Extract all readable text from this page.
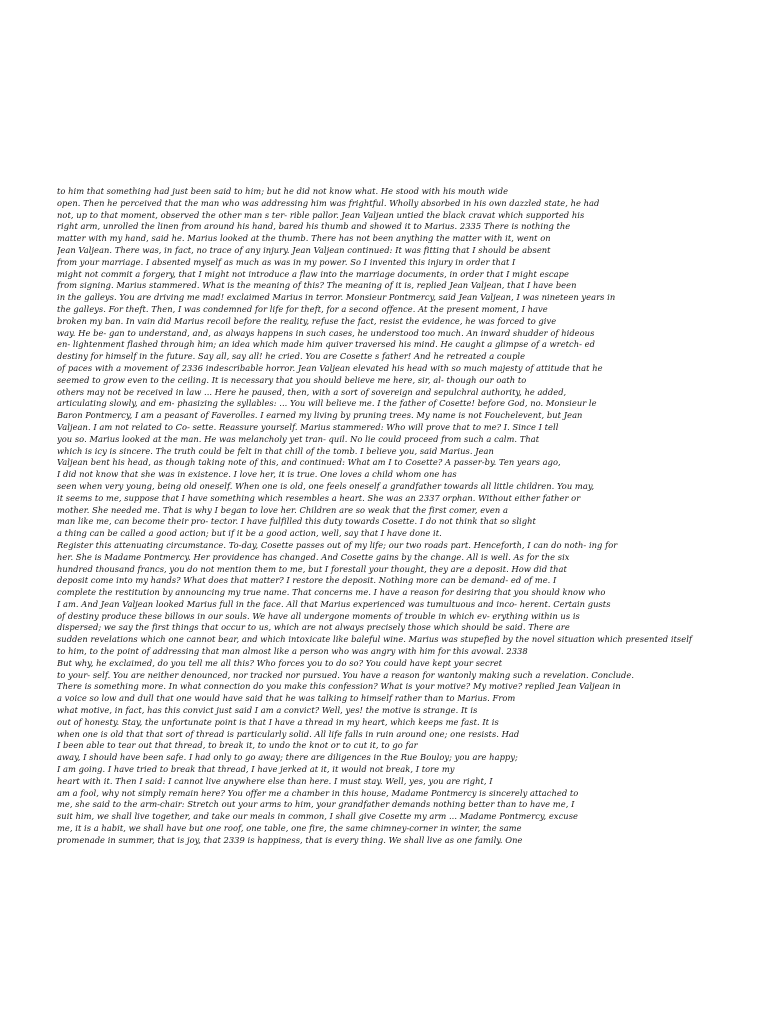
to him that something had just been said to him; but he did not know what. He stood with his mouth wide
open. Then he perceived that the man who was addressing him was frightful. Wholly absorbed in his own dazzled state, he had
not, up to that moment, observed the other man s ter- rible pallor. Jean Valjean untied the black cravat which supported his
right arm, unrolled the linen from around his hand, bared his thumb and showed it to Marius. 2335 There is nothing the
matter with my hand, said he. Marius looked at the thumb. There has not been anything the matter with it, went on
Jean Valjean. There was, in fact, no trace of any injury. Jean Valjean continued: It was fitting that I should be absent
from your marriage. I absented myself as much as was in my power. So I invented this injury in order that I
might not commit a forgery, that I might not introduce a flaw into the marriage documents, in order that I might escape
from signing. Marius stammered. What is the meaning of this? The meaning of it is, replied Jean Valjean, that I have been
in the galleys. You are driving me mad! exclaimed Marius in terror. Monsieur Pontmercy, said Jean Valjean, I was nineteen years in
the galleys. For theft. Then, I was condemned for life for theft, for a second offence. At the present moment, I have
broken my ban. In vain did Marius recoil before the reality, refuse the fact, resist the evidence, he was forced to give
way. He be- gan to understand, and, as always happens in such cases, he understood too much. An inward shudder of hideous
en- lightenment flashed through him; an idea which made him quiver traversed his mind. He caught a glimpse of a wretch- ed
destiny for himself in the future. Say all, say all! he cried. You are Cosette s father! And he retreated a couple
of paces with a movement of 2336 indescribable horror. Jean Valjean elevated his head with so much majesty of attitude that he
seemed to grow even to the ceiling. It is necessary that you should believe me here, sir, al- though our oath to
others may not be received in law ... Here he paused, then, with a sort of sovereign and sepulchral authority, he added,
articulating slowly, and em- phasizing the syllables: ... You will believe me. I the father of Cosette! before God, no. Monsieur le
Baron Pontmercy, I am a peasant of Faverolles. I earned my living by pruning trees. My name is not Fouchelevent, but Jean
Valjean. I am not related to Co- sette. Reassure yourself. Marius stammered: Who will prove that to me? I. Since I tell
you so. Marius looked at the man. He was melancholy yet tran- quil. No lie could proceed from such a calm. That
which is icy is sincere. The truth could be felt in that chill of the tomb. I believe you, said Marius. Jean
Valjean bent his head, as though taking note of this, and continued: What am I to Cosette? A passer-by. Ten years ago,
I did not know that she was in existence. I love her, it is true. One loves a child whom one has
seen when very young, being old oneself. When one is old, one feels oneself a grandfather towards all little children. You may,
it seems to me, suppose that I have something which resembles a heart. She was an 2337 orphan. Without either father or
mother. She needed me. That is why I began to love her. Children are so weak that the first comer, even a
man like me, can become their pro- tector. I have fulfilled this duty towards Cosette. I do not think that so slight
a thing can be called a good action; but if it be a good action, well, say that I have done it.
Register this attenuating circumstance. To-day, Cosette passes out of my life; our two roads part. Henceforth, I can do noth- ing for
her. She is Madame Pontmercy. Her providence has changed. And Cosette gains by the change. All is well. As for the six
hundred thousand francs, you do not mention them to me, but I forestall your thought, they are a deposit. How did that
deposit come into my hands? What does that matter? I restore the deposit. Nothing more can be demand- ed of me. I
complete the restitution by announcing my true name. That concerns me. I have a reason for desiring that you should know who
I am. And Jean Valjean looked Marius full in the face. All that Marius experienced was tumultuous and inco- herent. Certain gusts
of destiny produce these billows in our souls. We have all undergone moments of trouble in which ev- erything within us is
dispersed; we say the first things that occur to us, which are not always precisely those which should be said. There are
sudden revelations which one cannot bear, and which intoxicate like baleful wine. Marius was stupefied by the novel situation which presented itself
to him, to the point of addressing that man almost like a person who was angry with him for this avowal. 2338
But why, he exclaimed, do you tell me all this? Who forces you to do so? You could have kept your secret
to your- self. You are neither denounced, nor tracked nor pursued. You have a reason for wantonly making such a revelation. Conclude.
There is something more. In what connection do you make this confession? What is your motive? My motive? replied Jean Valjean in
a voice so low and dull that one would have said that he was talking to himself rather than to Marius. From
what motive, in fact, has this convict just said I am a convict? Well, yes! the motive is strange. It is
out of honesty. Stay, the unfortunate point is that I have a thread in my heart, which keeps me fast. It is
when one is old that that sort of thread is particularly solid. All life falls in ruin around one; one resists. Had
I been able to tear out that thread, to break it, to undo the knot or to cut it, to go far
away, I should have been safe. I had only to go away; there are diligences in the Rue Bouloy; you are happy;
I am going. I have tried to break that thread, I have jerked at it, it would not break, I tore my
heart with it. Then I said: I cannot live anywhere else than here. I must stay. Well, yes, you are right, I
am a fool, why not simply remain here? You offer me a chamber in this house, Madame Pontmercy is sincerely attached to
me, she said to the arm-chair: Stretch out your arms to him, your grandfather demands nothing better than to have me, I
suit him, we shall live together, and take our meals in common, I shall give Cosette my arm ... Madame Pontmercy, excuse
me, it is a habit, we shall have but one roof, one table, one fire, the same chimney-corner in winter, the same
promenade in summer, that is joy, that 2339 is happiness, that is every thing. We shall live as one family. One
